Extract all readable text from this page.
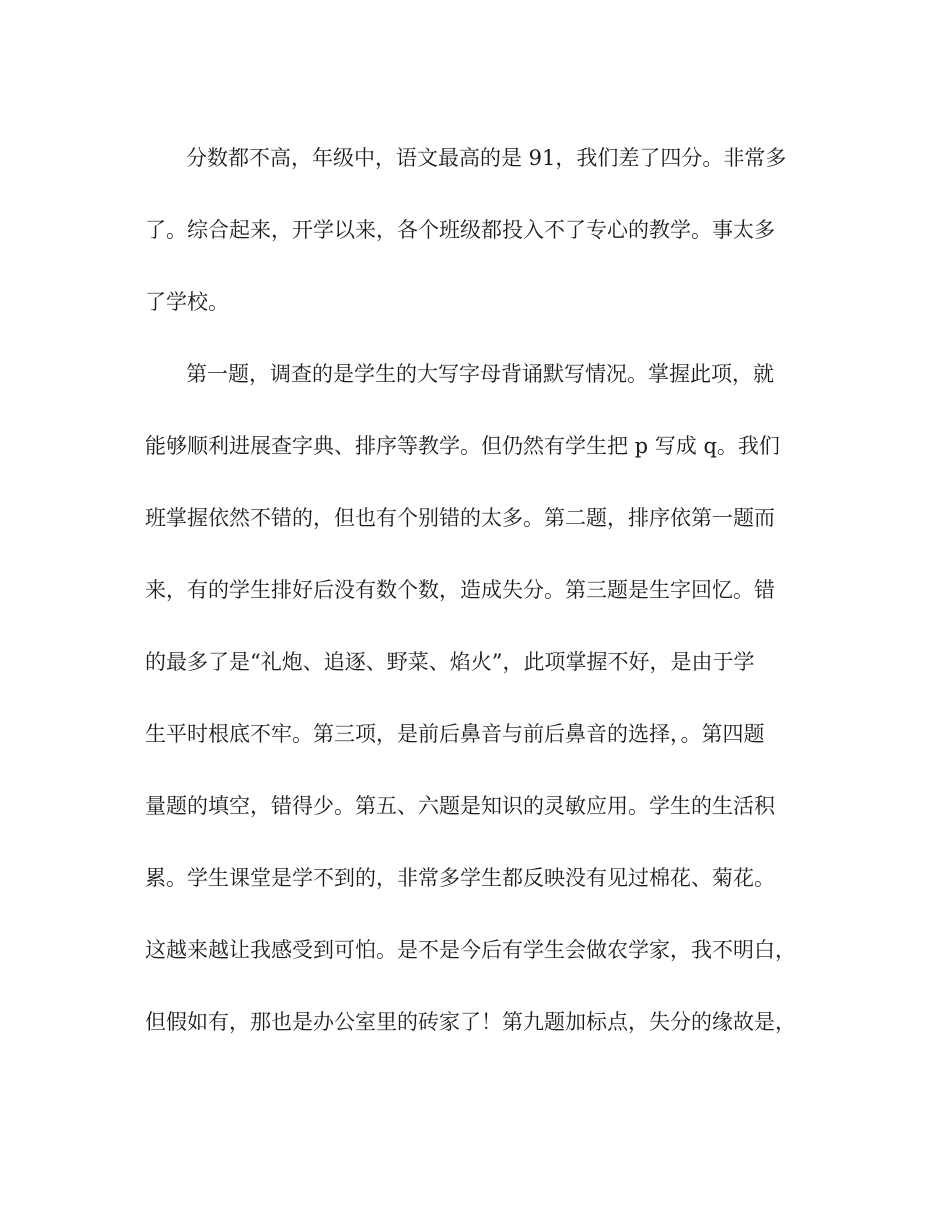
分数都不高，年级中，语文最高的是 91，我们差了四分。非常多
了。综合起来，开学以来，各个班级都投入不了专心的教学。事太多
了学校。
第一题，调查的是学生的大写字母背诵默写情况。掌握此项，就
能够顺利进展查字典、排序等教学。但仍然有学生把 p 写成 q。我们
班掌握依然不错的，但也有个别错的太多。第二题，排序依第一题而
来，有的学生排好后没有数个数，造成失分。第三题是生字回忆。错
的最多了是“礼炮、追逐、野菜、焰火”，此项掌握不好，是由于学
生平时根底不牢。第三项，是前后鼻音与前后鼻音的选择，。第四题
量题的填空，错得少。第五、六题是知识的灵敏应用。学生的生活积
累。学生课堂是学不到的，非常多学生都反映没有见过棉花、菊花。
这越来越让我感受到可怕。是不是今后有学生会做农学家，我不明白，
但假如有，那也是办公室里的砖家了！第九题加标点，失分的缘故是，
